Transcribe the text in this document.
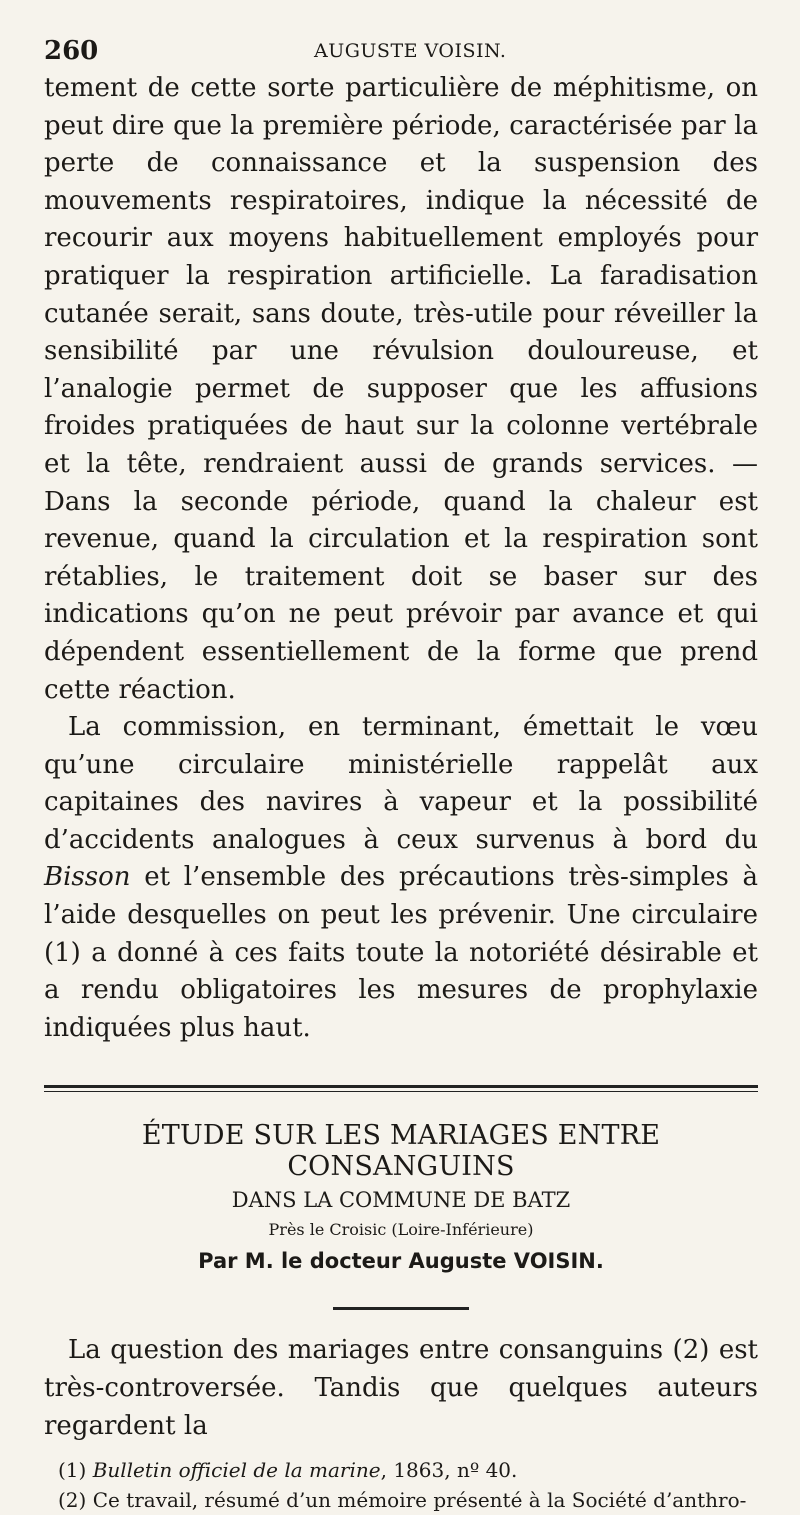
260	AUGUSTE VOISIN.

tement de cette sorte particulière de méphitisme, on peut dire que la première période, caractérisée par la perte de connaissance et la suspension des mouvements respiratoires, indique la nécessité de recourir aux moyens habituellement employés pour pratiquer la respiration artificielle. La faradisation cutanée serait, sans doute, très-utile pour réveiller la sensibilité par une révulsion douloureuse, et l’analogie permet de supposer que les affusions froides pratiquées de haut sur la colonne vertébrale et la tête, rendraient aussi de grands services. — Dans la seconde période, quand la chaleur est revenue, quand la circulation et la respiration sont rétablies, le traitement doit se baser sur des indications qu’on ne peut prévoir par avance et qui dépendent essentiellement de la forme que prend cette réaction.

La commission, en terminant, émettait le vœu qu’une circulaire ministérielle rappelât aux capitaines des navires à vapeur et la possibilité d’accidents analogues à ceux survenus à bord du Bisson et l’ensemble des précautions très-simples à l’aide desquelles on peut les prévenir. Une circulaire (1) a donné à ces faits toute la notoriété désirable et a rendu obligatoires les mesures de prophylaxie indiquées plus haut.

ÉTUDE SUR LES MARIAGES ENTRE CONSANGUINS
DANS LA COMMUNE DE BATZ
Près le Croisic (Loire-Inférieure)
Par M. le docteur Auguste VOISIN.

La question des mariages entre consanguins (2) est très-controversée. Tandis que quelques auteurs regardent la

(1) Bulletin officiel de la marine, 1863, nº 40.

(2) Ce travail, résumé d’un mémoire présenté à la Société d’anthro-
